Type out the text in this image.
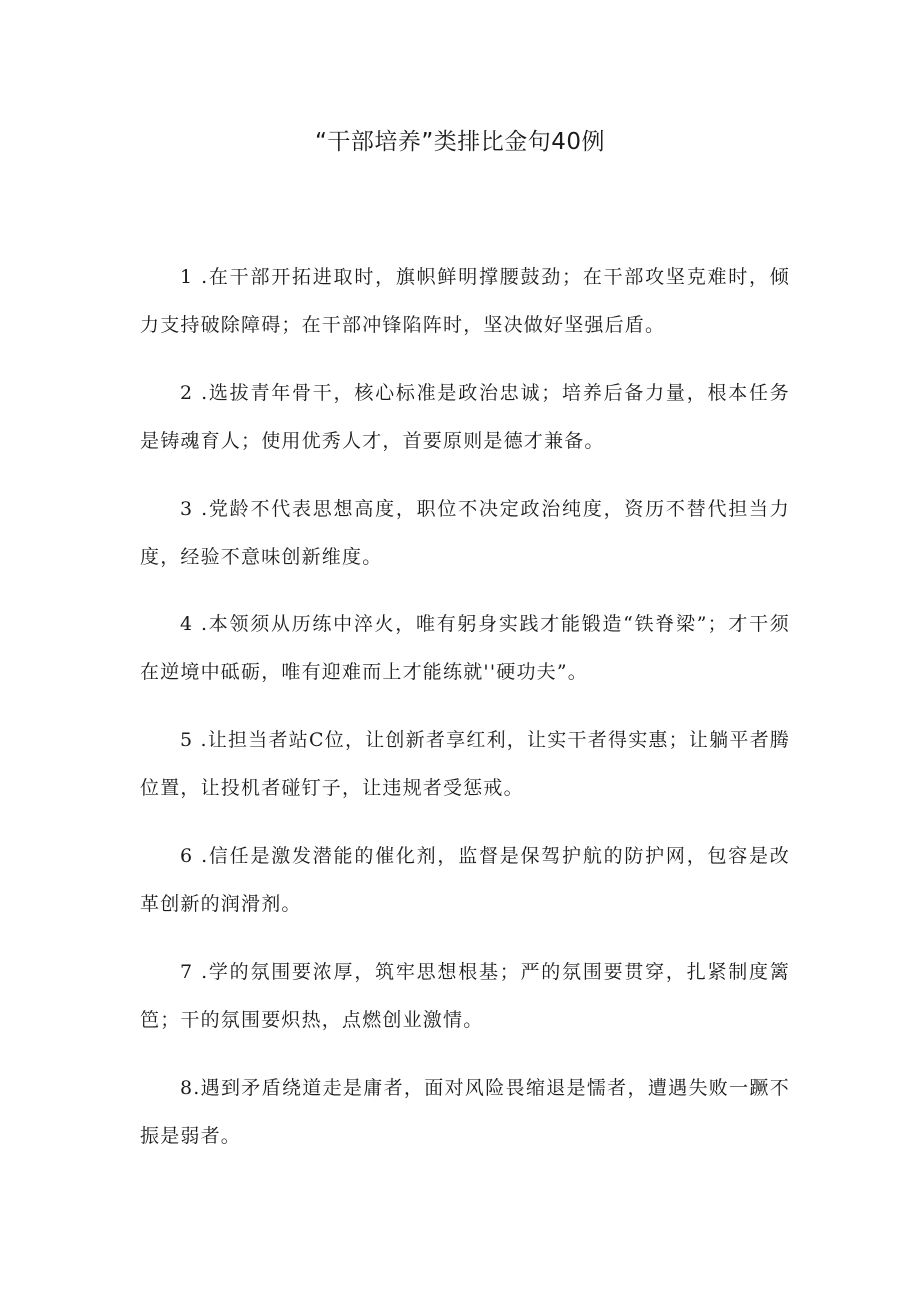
“干部培养”类排比金句40例

1 .在干部开拓进取时，旗帜鲜明撑腰鼓劲；在干部攻坚克难时，倾力支持破除障碍；在干部冲锋陷阵时，坚决做好坚强后盾。

2 .选拔青年骨干，核心标准是政治忠诚；培养后备力量，根本任务是铸魂育人；使用优秀人才，首要原则是德才兼备。

3 .党龄不代表思想高度，职位不决定政治纯度，资历不替代担当力度，经验不意味创新维度。

4 .本领须从历练中淬火，唯有躬身实践才能锻造“铁脊梁”；才干须在逆境中砥砺，唯有迎难而上才能练就''硬功夫”。

5 .让担当者站C位，让创新者享红利，让实干者得实惠；让躺平者腾位置，让投机者碰钉子，让违规者受惩戒。

6 .信任是激发潜能的催化剂，监督是保驾护航的防护网，包容是改革创新的润滑剂。

7 .学的氛围要浓厚，筑牢思想根基；严的氛围要贯穿，扎紧制度篱笆；干的氛围要炽热，点燃创业激情。

8.遇到矛盾绕道走是庸者，面对风险畏缩退是懦者，遭遇失败一蹶不振是弱者。
